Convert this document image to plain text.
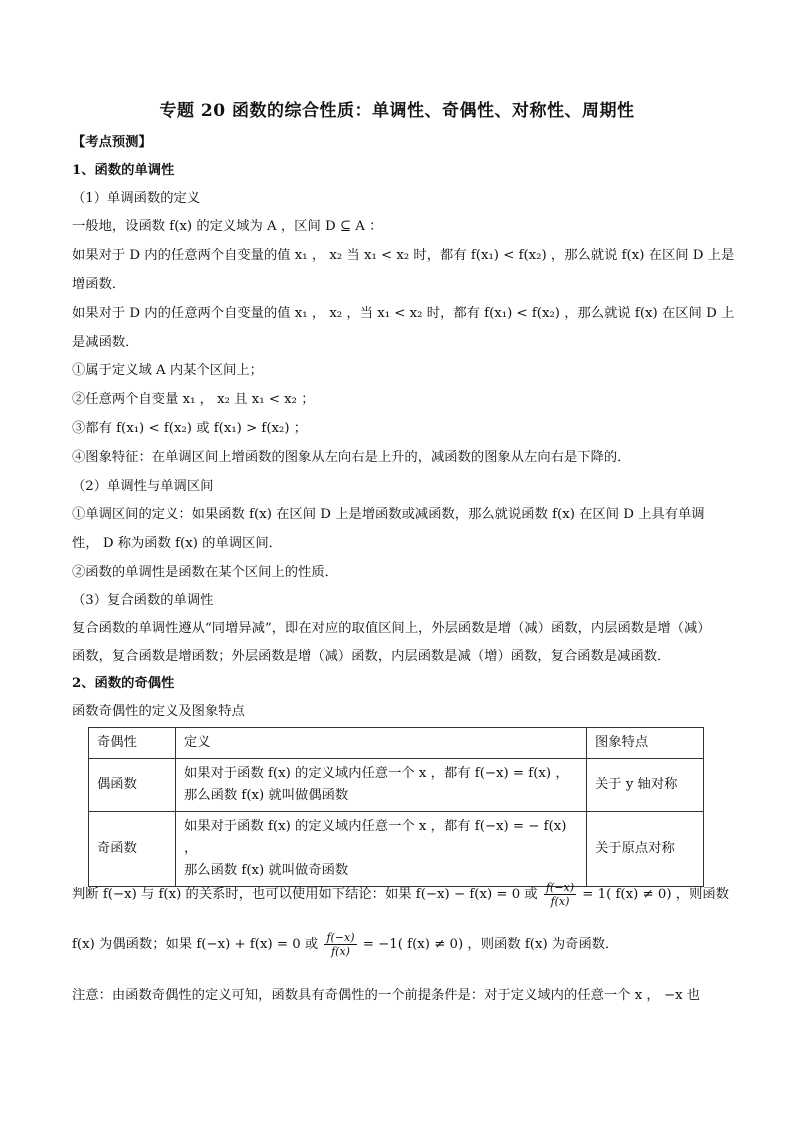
专题 20 函数的综合性质：单调性、奇偶性、对称性、周期性
【考点预测】
1、函数的单调性
（1）单调函数的定义
一般地，设函数 f(x) 的定义域为 A ，区间 D ⊆ A ：
如果对于 D 内的任意两个自变量的值 x₁ ， x₂ 当 x₁ < x₂ 时，都有 f(x₁) < f(x₂) ，那么就说 f(x) 在区间 D 上是
增函数．
如果对于 D 内的任意两个自变量的值 x₁ ， x₂ ，当 x₁ < x₂ 时，都有 f(x₁) < f(x₂) ，那么就说 f(x) 在区间 D 上
是减函数．
①属于定义域 A 内某个区间上；
②任意两个自变量 x₁ ， x₂ 且 x₁ < x₂ ；
③都有 f(x₁) < f(x₂) 或 f(x₁) > f(x₂) ；
④图象特征：在单调区间上增函数的图象从左向右是上升的，减函数的图象从左向右是下降的．
（2）单调性与单调区间
①单调区间的定义：如果函数 f(x) 在区间 D 上是增函数或减函数，那么就说函数 f(x) 在区间 D 上具有单调
性， D 称为函数 f(x) 的单调区间．
②函数的单调性是函数在某个区间上的性质．
（3）复合函数的单调性
复合函数的单调性遵从“同增异减”，即在对应的取值区间上，外层函数是增（减）函数，内层函数是增（减）
函数，复合函数是增函数；外层函数是增（减）函数，内层函数是减（增）函数，复合函数是减函数．
2、函数的奇偶性
函数奇偶性的定义及图象特点
奇偶性	定义	图象特点
偶函数	如果对于函数 f(x) 的定义域内任意一个 x ，都有 f(−x) = f(x) ，
那么函数 f(x) 就叫做偶函数	关于 y 轴对称
奇函数	如果对于函数 f(x) 的定义域内任意一个 x ，都有 f(−x) = − f(x) ，
那么函数 f(x) 就叫做奇函数	关于原点对称
判断 f(−x) 与 f(x) 的关系时，也可以使用如下结论：如果 f(−x) − f(x) = 0 或 $\frac{f(-x)}{f(x)} = 1$( f(x) ≠ 0) ，则函数
f(x) 为偶函数；如果 f(−x) + f(x) = 0 或 $\frac{f(-x)}{f(x)} = -1$( f(x) ≠ 0) ，则函数 f(x) 为奇函数．
注意：由函数奇偶性的定义可知，函数具有奇偶性的一个前提条件是：对于定义域内的任意一个 x ， −x 也
